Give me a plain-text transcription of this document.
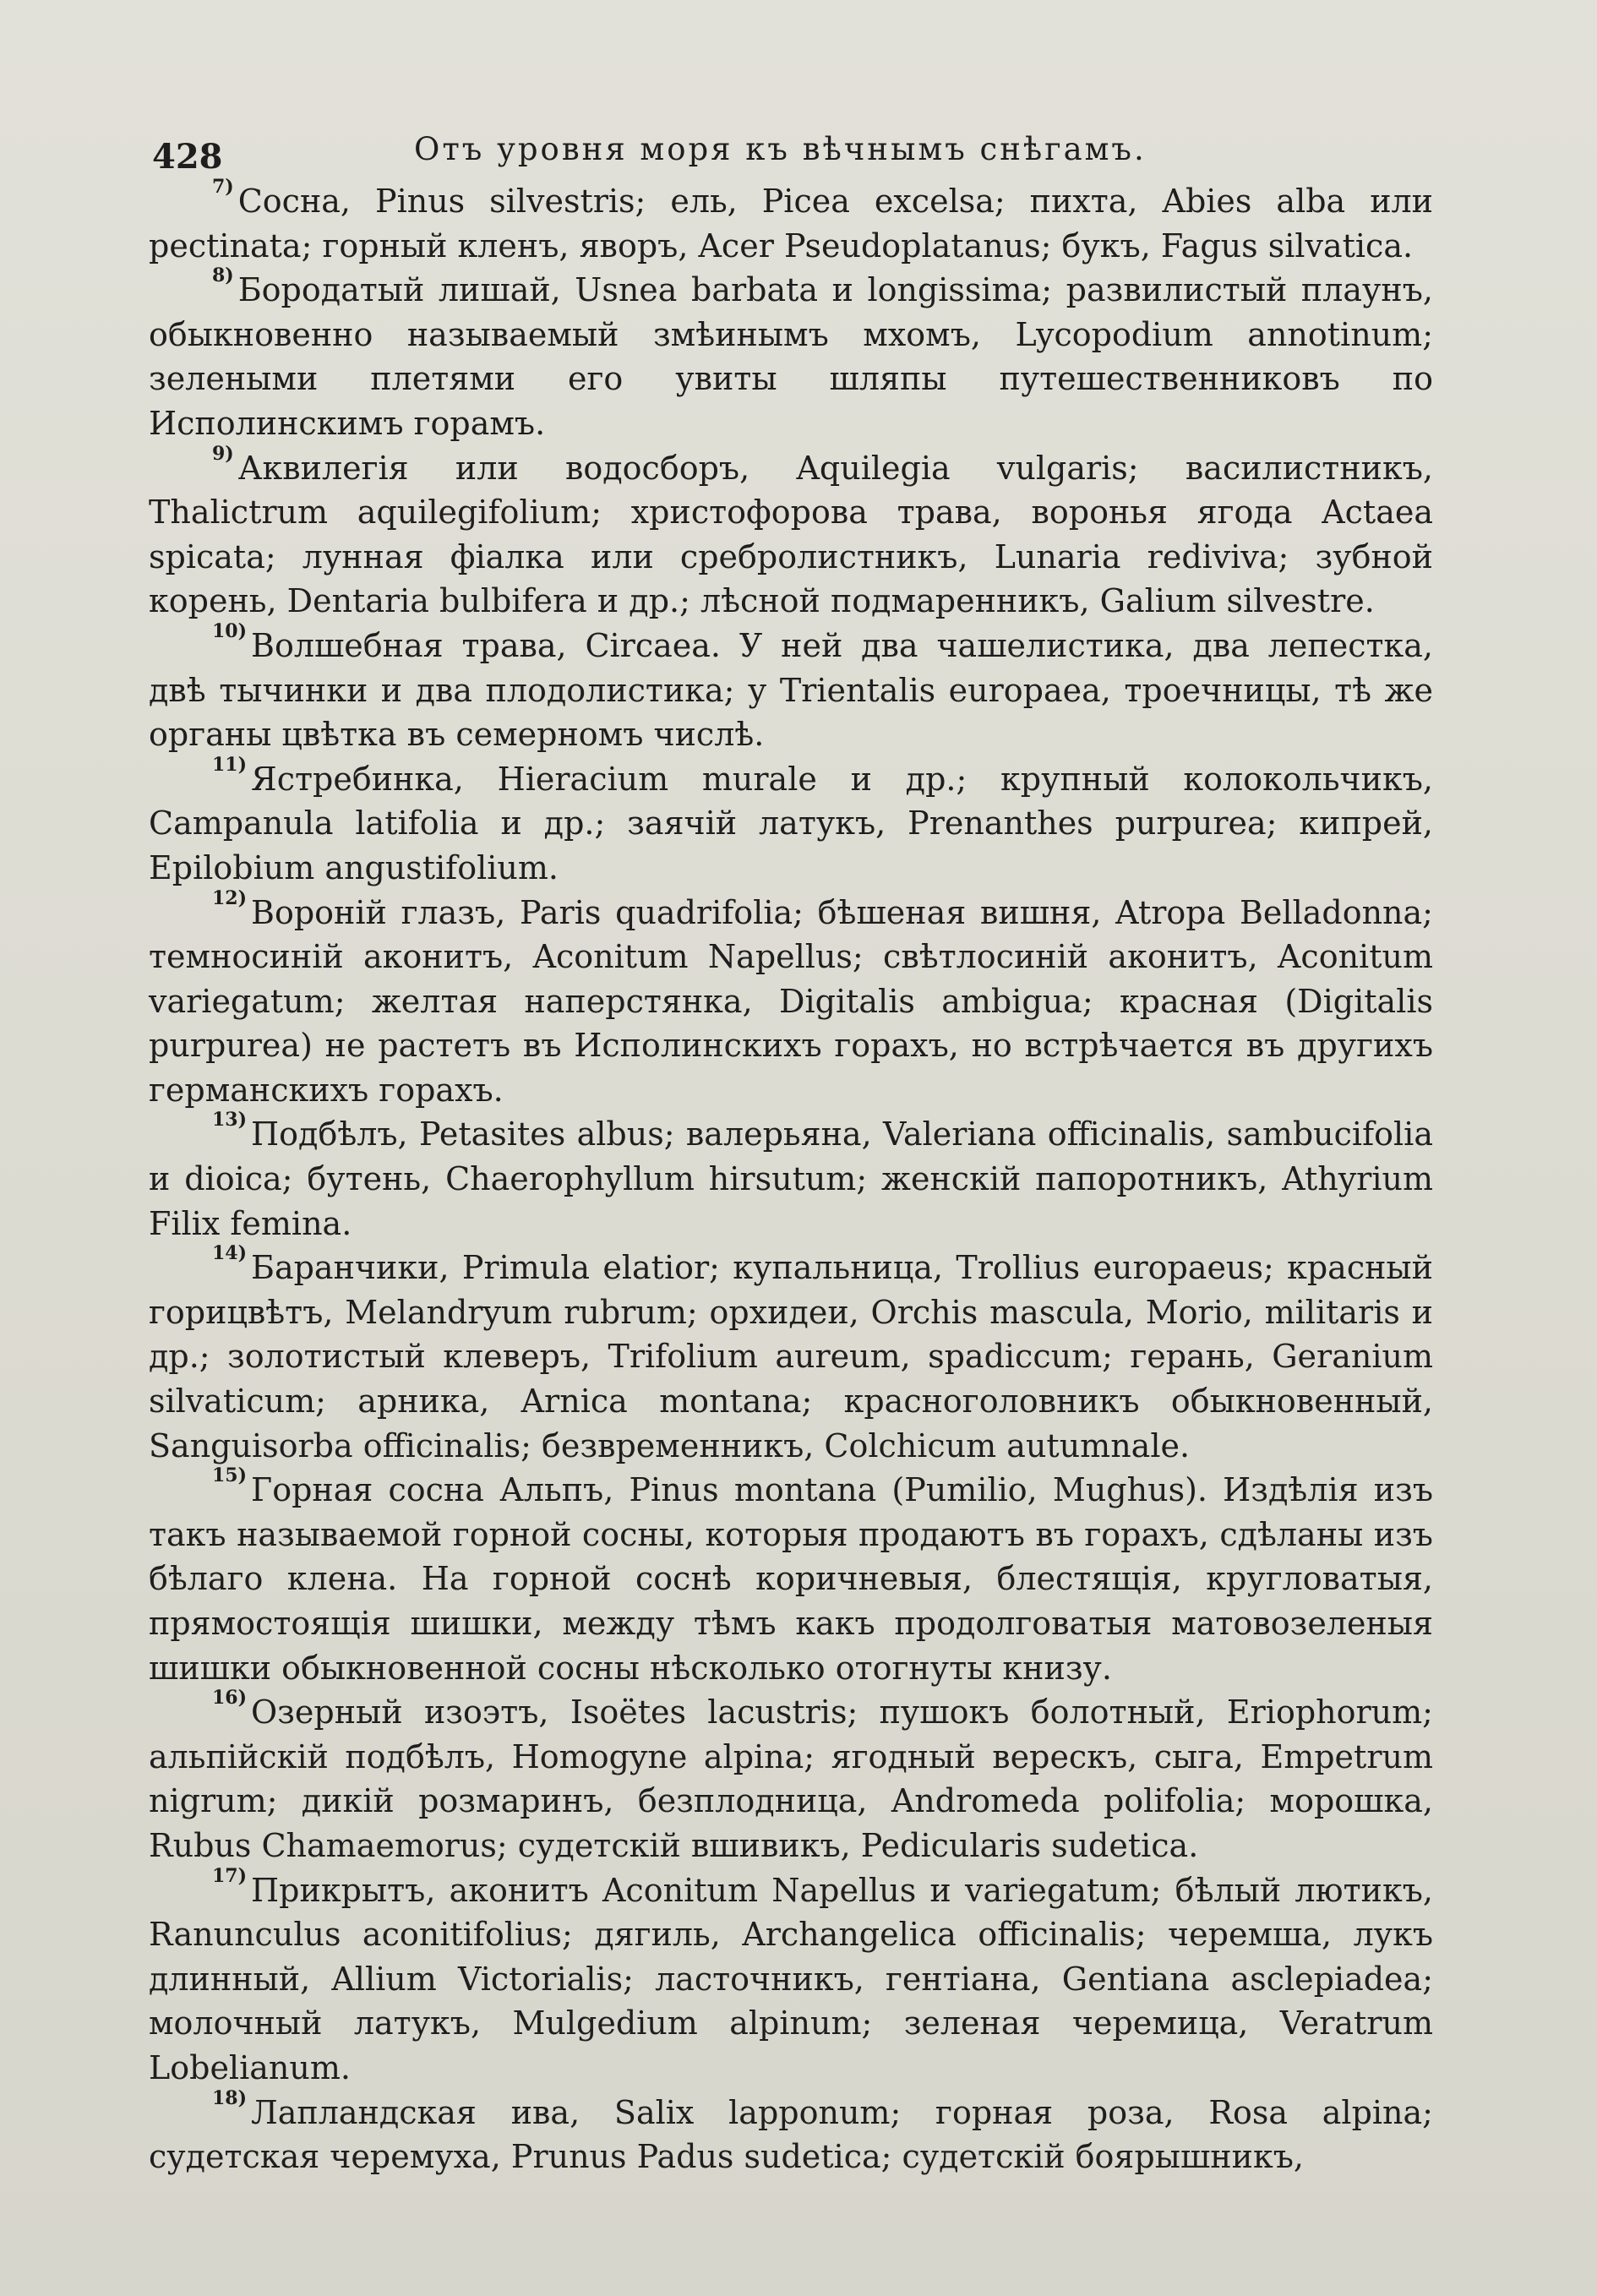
428	Отъ уровня моря къ вѣчнымъ снѣгамъ.

$^{7)}$ Сосна, Pinus silvestris; ель, Picea excelsa; пихта, Abies alba или pectinata; горный кленъ, яворъ, Acer Pseudoplatanus; букъ, Fagus silvatica.

$^{8)}$ Бородатый лишай, Usnea barbata и longissima; развилистый плаунъ, обыкновенно называемый змѣинымъ мхомъ, Lycopodium annotinum; зелеными плетями его увиты шляпы путешественниковъ по Исполинскимъ горамъ.

$^{9)}$ Аквилегія или водосборъ, Aquilegia vulgaris; василистникъ, Thalictrum aquilegifolium; христофорова трава, воронья ягода Actaea spicata; лунная фіалка или сребролистникъ, Lunaria rediviva; зубной корень, Dentaria bulbifera и др.; лѣсной подмаренникъ, Galium silvestre.

$^{10)}$ Волшебная трава, Circaea. У ней два чашелистика, два лепестка, двѣ тычинки и два плодолистика; у Trientalis europaea, троечницы, тѣ же органы цвѣтка въ семерномъ числѣ.

$^{11)}$ Ястребинка, Hieracium murale и др.; крупный колокольчикъ, Campanula latifolia и др.; заячій латукъ, Prenanthes purpurea; кипрей, Epilobium angustifolium.

$^{12)}$ Вороній глазъ, Paris quadrifolia; бѣшеная вишня, Atropa Belladonna; темносиній аконитъ, Aconitum Napellus; свѣтлосиній аконитъ, Aconitum variegatum; желтая наперстянка, Digitalis ambigua; красная (Digitalis purpurea) не растетъ въ Исполинскихъ горахъ, но встрѣчается въ другихъ германскихъ горахъ.

$^{13)}$ Подбѣлъ, Petasites albus; валерьяна, Valeriana officinalis, sambucifolia и dioica; бутень, Chaerophyllum hirsutum; женскій папоротникъ, Athyrium Filix femina.

$^{14)}$ Баранчики, Primula elatior; купальница, Trollius europaeus; красный горицвѣтъ, Melandryum rubrum; орхидеи, Orchis mascula, Morio, militaris и др.; золотистый клеверъ, Trifolium aureum, spadiccum; герань, Geranium silvaticum; арника, Arnica montana; красноголовникъ обыкновенный, Sanguisorba officinalis; безвременникъ, Colchicum autumnale.

$^{15)}$ Горная сосна Альпъ, Pinus montana (Pumilio, Mughus). Издѣлія изъ такъ называемой горной сосны, которыя продаютъ въ горахъ, сдѣланы изъ бѣлаго клена. На горной соснѣ коричневыя, блестящія, кругловатыя, прямостоящія шишки, между тѣмъ какъ продолговатыя матовозеленыя шишки обыкновенной сосны нѣсколько отогнуты книзу.

$^{16)}$ Озерный изоэтъ, Isoëtes lacustris; пушокъ болотный, Eriophorum; альпійскій подбѣлъ, Homogyne alpina; ягодный верескъ, сыга, Empetrum nigrum; дикій розмаринъ, безплодница, Andromeda polifolia; морошка, Rubus Chamaemorus; судетскій вшивикъ, Pedicularis sudetica.

$^{17)}$ Прикрытъ, аконитъ Aconitum Napellus и variegatum; бѣлый лютикъ, Ranunculus aconitifolius; дягиль, Archangelica officinalis; черемша, лукъ длинный, Allium Victorialis; ласточникъ, гентіана, Gentiana asclepiadea; молочный латукъ, Mulgedium alpinum; зеленая черемица, Veratrum Lobelianum.

$^{18)}$ Лапландская ива, Salix lapponum; горная роза, Rosa alpina; судетская черемуха, Prunus Padus sudetica; судетскій боярышникъ,
